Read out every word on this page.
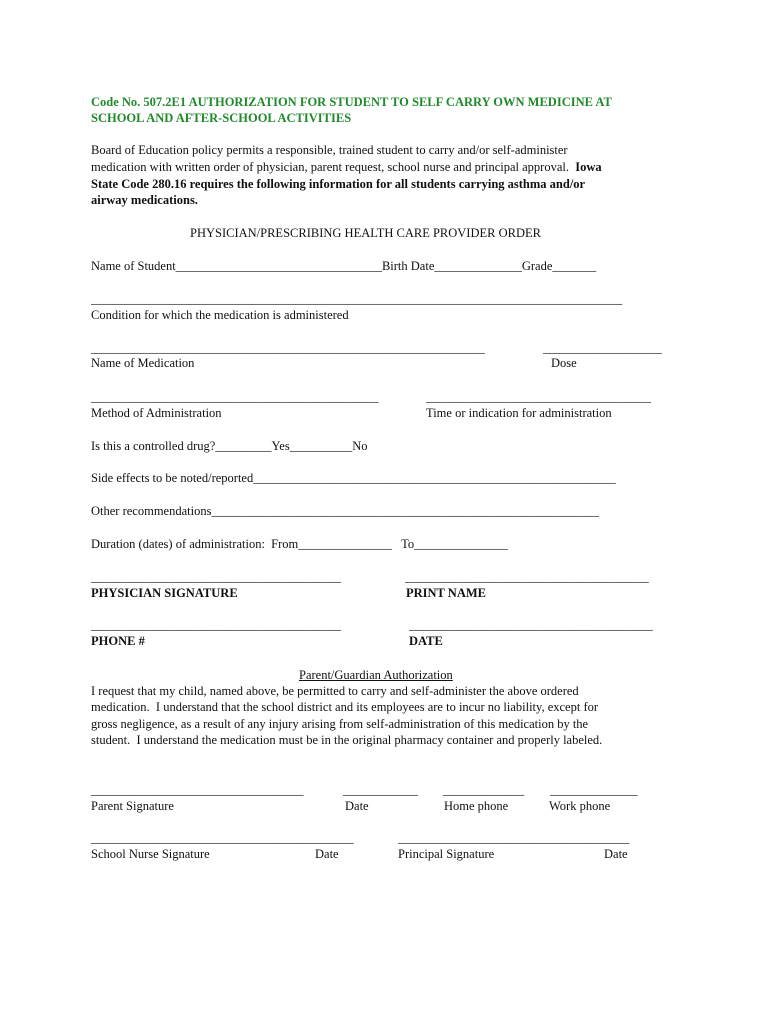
Code No. 507.2E1 AUTHORIZATION FOR STUDENT TO SELF CARRY OWN MEDICINE AT
SCHOOL AND AFTER-SCHOOL ACTIVITIES
Board of Education policy permits a responsible, trained student to carry and/or self-administer
medication with written order of physician, parent request, school nurse and principal approval.  Iowa
State Code 280.16 requires the following information for all students carrying asthma and/or
airway medications.
PHYSICIAN/PRESCRIBING HEALTH CARE PROVIDER ORDER
Name of Student_________________________________Birth Date______________Grade_______
_____________________________________________________________________________________
Condition for which the medication is administered
_______________________________________________________________	___________________
Name of Medication	Dose
______________________________________________	____________________________________
Method of Administration	Time or indication for administration
Is this a controlled drug?_________Yes__________No
Side effects to be noted/reported__________________________________________________________
Other recommendations______________________________________________________________
Duration (dates) of administration:  From_______________   To_______________
________________________________________	_______________________________________
PHYSICIAN SIGNATURE	PRINT NAME
________________________________________	_______________________________________
PHONE #	DATE
Parent/Guardian Authorization
I request that my child, named above, be permitted to carry and self-administer the above ordered
medication.  I understand that the school district and its employees are to incur no liability, except for
gross negligence, as a result of any injury arising from self-administration of this medication by the
student.  I understand the medication must be in the original pharmacy container and properly labeled.
__________________________________	____________	_____________	______________
Parent Signature	Date	Home phone	Work phone
__________________________________________	_____________________________________
School Nurse Signature	Date	Principal Signature	Date
